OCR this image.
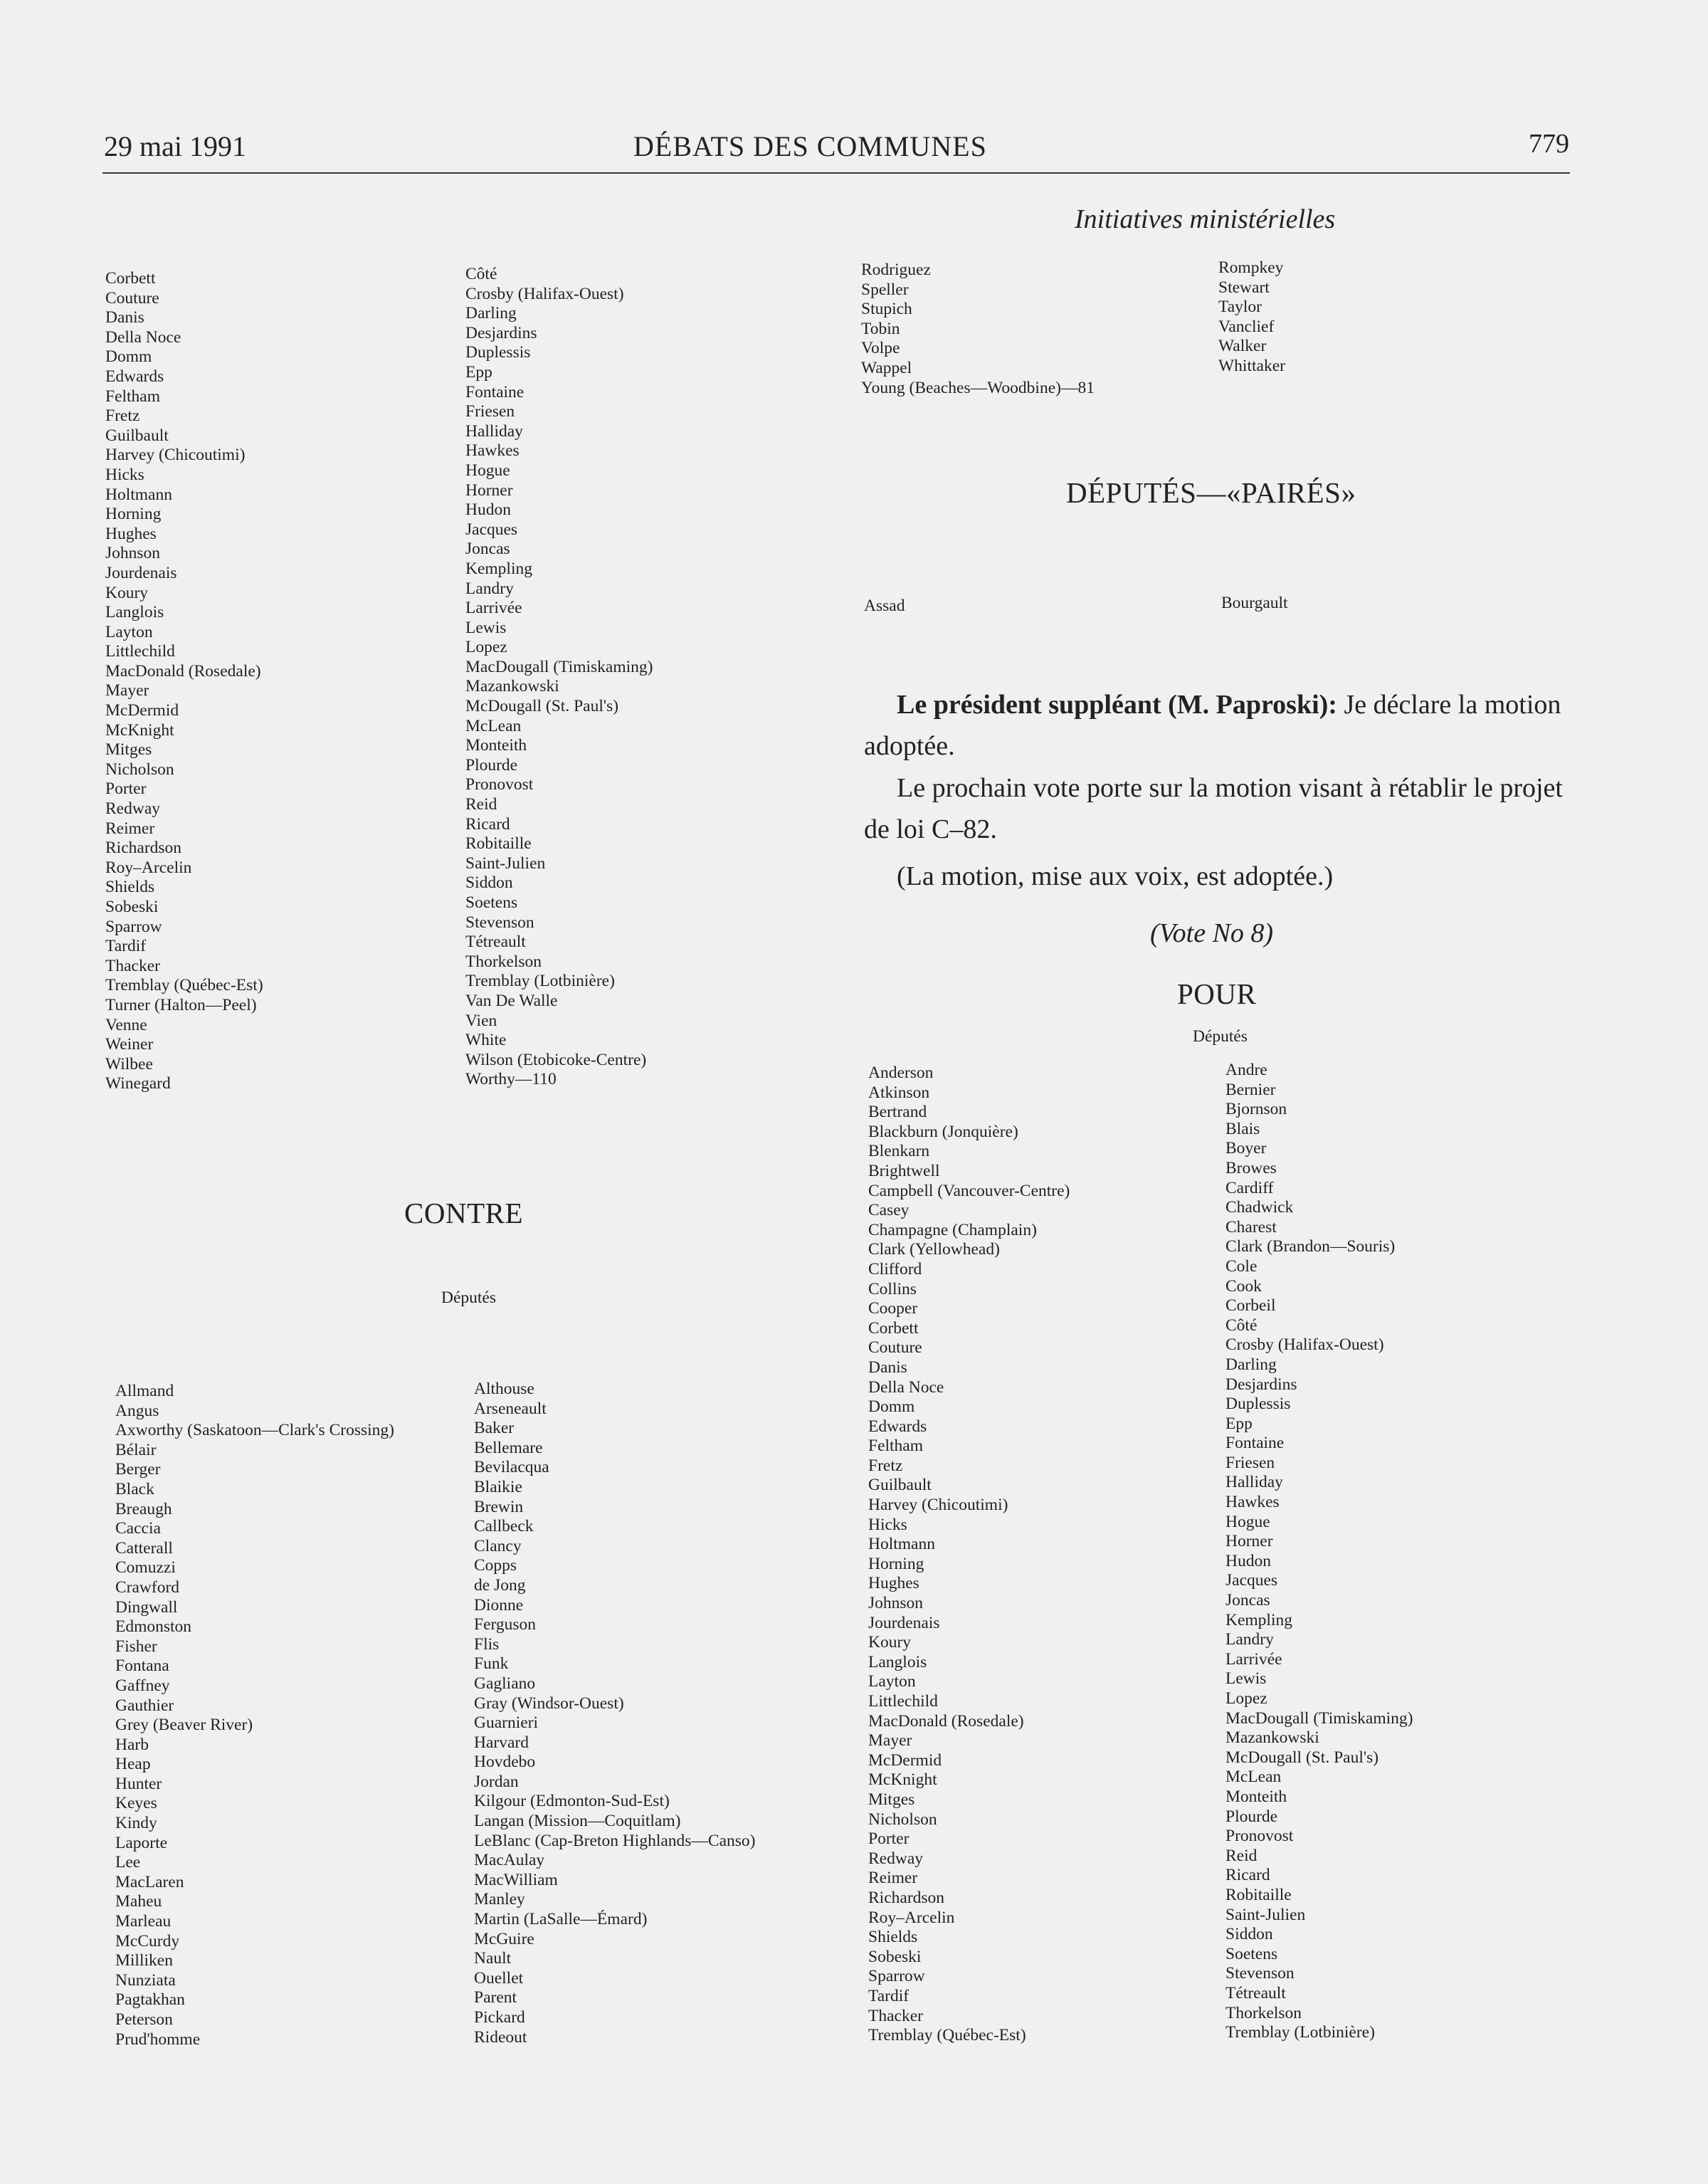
29 mai 1991	DÉBATS DES COMMUNES	779
Initiatives ministérielles
Corbett
Couture
Danis
Della Noce
Domm
Edwards
Feltham
Fretz
Guilbault
Harvey (Chicoutimi)
Hicks
Holtmann
Horning
Hughes
Johnson
Jourdenais
Koury
Langlois
Layton
Littlechild
MacDonald (Rosedale)
Mayer
McDermid
McKnight
Mitges
Nicholson
Porter
Redway
Reimer
Richardson
Roy–Arcelin
Shields
Sobeski
Sparrow
Tardif
Thacker
Tremblay (Québec-Est)
Turner (Halton—Peel)
Venne
Weiner
Wilbee
Winegard
Côté
Crosby (Halifax-Ouest)
Darling
Desjardins
Duplessis
Epp
Fontaine
Friesen
Halliday
Hawkes
Hogue
Horner
Hudon
Jacques
Joncas
Kempling
Landry
Larrivée
Lewis
Lopez
MacDougall (Timiskaming)
Mazankowski
McDougall (St. Paul's)
McLean
Monteith
Plourde
Pronovost
Reid
Ricard
Robitaille
Saint-Julien
Siddon
Soetens
Stevenson
Tétreault
Thorkelson
Tremblay (Lotbinière)
Van De Walle
Vien
White
Wilson (Etobicoke-Centre)
Worthy—110
CONTRE
Députés
Allmand
Angus
Axworthy (Saskatoon—Clark's Crossing)
Bélair
Berger
Black
Breaugh
Caccia
Catterall
Comuzzi
Crawford
Dingwall
Edmonston
Fisher
Fontana
Gaffney
Gauthier
Grey (Beaver River)
Harb
Heap
Hunter
Keyes
Kindy
Laporte
Lee
MacLaren
Maheu
Marleau
McCurdy
Milliken
Nunziata
Pagtakhan
Peterson
Prud'homme
Althouse
Arseneault
Baker
Bellemare
Bevilacqua
Blaikie
Brewin
Callbeck
Clancy
Copps
de Jong
Dionne
Ferguson
Flis
Funk
Gagliano
Gray (Windsor-Ouest)
Guarnieri
Harvard
Hovdebo
Jordan
Kilgour (Edmonton-Sud-Est)
Langan (Mission—Coquitlam)
LeBlanc (Cap-Breton Highlands—Canso)
MacAulay
MacWilliam
Manley
Martin (LaSalle—Émard)
McGuire
Nault
Ouellet
Parent
Pickard
Rideout
Rodriguez
Speller
Stupich
Tobin
Volpe
Wappel
Young (Beaches—Woodbine)—81
Rompkey
Stewart
Taylor
Vanclief
Walker
Whittaker
DÉPUTÉS—«PAIRÉS»
Assad	Bourgault
Le président suppléant (M. Paproski): Je déclare la motion adoptée.
Le prochain vote porte sur la motion visant à rétablir le projet de loi C–82.
(La motion, mise aux voix, est adoptée.)
(Vote No 8)
POUR
Députés
Anderson
Atkinson
Bertrand
Blackburn (Jonquière)
Blenkarn
Brightwell
Campbell (Vancouver-Centre)
Casey
Champagne (Champlain)
Clark (Yellowhead)
Clifford
Collins
Cooper
Corbett
Couture
Danis
Della Noce
Domm
Edwards
Feltham
Fretz
Guilbault
Harvey (Chicoutimi)
Hicks
Holtmann
Horning
Hughes
Johnson
Jourdenais
Koury
Langlois
Layton
Littlechild
MacDonald (Rosedale)
Mayer
McDermid
McKnight
Mitges
Nicholson
Porter
Redway
Reimer
Richardson
Roy–Arcelin
Shields
Sobeski
Sparrow
Tardif
Thacker
Tremblay (Québec-Est)
Andre
Bernier
Bjornson
Blais
Boyer
Browes
Cardiff
Chadwick
Charest
Clark (Brandon—Souris)
Cole
Cook
Corbeil
Côté
Crosby (Halifax-Ouest)
Darling
Desjardins
Duplessis
Epp
Fontaine
Friesen
Halliday
Hawkes
Hogue
Horner
Hudon
Jacques
Joncas
Kempling
Landry
Larrivée
Lewis
Lopez
MacDougall (Timiskaming)
Mazankowski
McDougall (St. Paul's)
McLean
Monteith
Plourde
Pronovost
Reid
Ricard
Robitaille
Saint-Julien
Siddon
Soetens
Stevenson
Tétreault
Thorkelson
Tremblay (Lotbinière)
